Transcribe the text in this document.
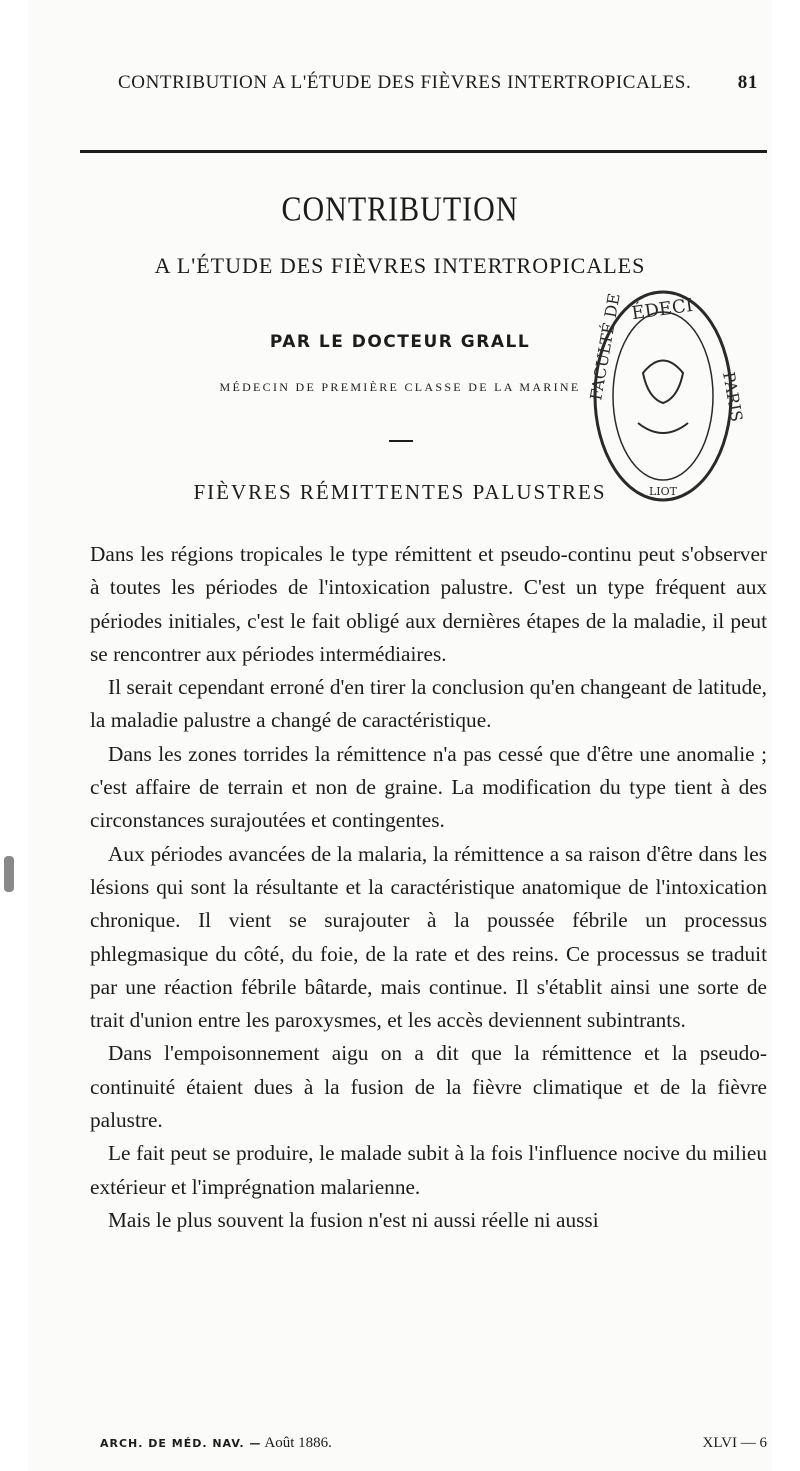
CONTRIBUTION A L'ÉTUDE DES FIÈVRES INTERTROPICALES. 81
CONTRIBUTION
A L'ÉTUDE DES FIÈVRES INTERTROPICALES
PAR LE DOCTEUR GRALL
MÉDECIN DE PREMIÈRE CLASSE DE LA MARINE
FIÈVRES RÉMITTENTES PALUSTRES
ÉDECI
FACULTÉ DE	PARIS
LIOT

Dans les régions tropicales le type rémittent et pseudo-continu peut s'observer à toutes les périodes de l'intoxication palustre. C'est un type fréquent aux périodes initiales, c'est le fait obligé aux dernières étapes de la maladie, il peut se rencontrer aux périodes intermédiaires.

Il serait cependant erroné d'en tirer la conclusion qu'en changeant de latitude, la maladie palustre a changé de caractéristique.

Dans les zones torrides la rémittence n'a pas cessé que d'être une anomalie ; c'est affaire de terrain et non de graine. La modification du type tient à des circonstances surajoutées et contingentes.

Aux périodes avancées de la malaria, la rémittence a sa raison d'être dans les lésions qui sont la résultante et la caractéristique anatomique de l'intoxication chronique. Il vient se surajouter à la poussée fébrile un processus phlegmasique du côté, du foie, de la rate et des reins. Ce processus se traduit par une réaction fébrile bâtarde, mais continue. Il s'établit ainsi une sorte de trait d'union entre les paroxysmes, et les accès deviennent subintrants.

Dans l'empoisonnement aigu on a dit que la rémittence et la pseudo-continuité étaient dues à la fusion de la fièvre climatique et de la fièvre palustre.

Le fait peut se produire, le malade subit à la fois l'influence nocive du milieu extérieur et l'imprégnation malarienne.

Mais le plus souvent la fusion n'est ni aussi réelle ni aussi

ARCH. DE MÉD. NAV. — Août 1886.	XLVI — 6
